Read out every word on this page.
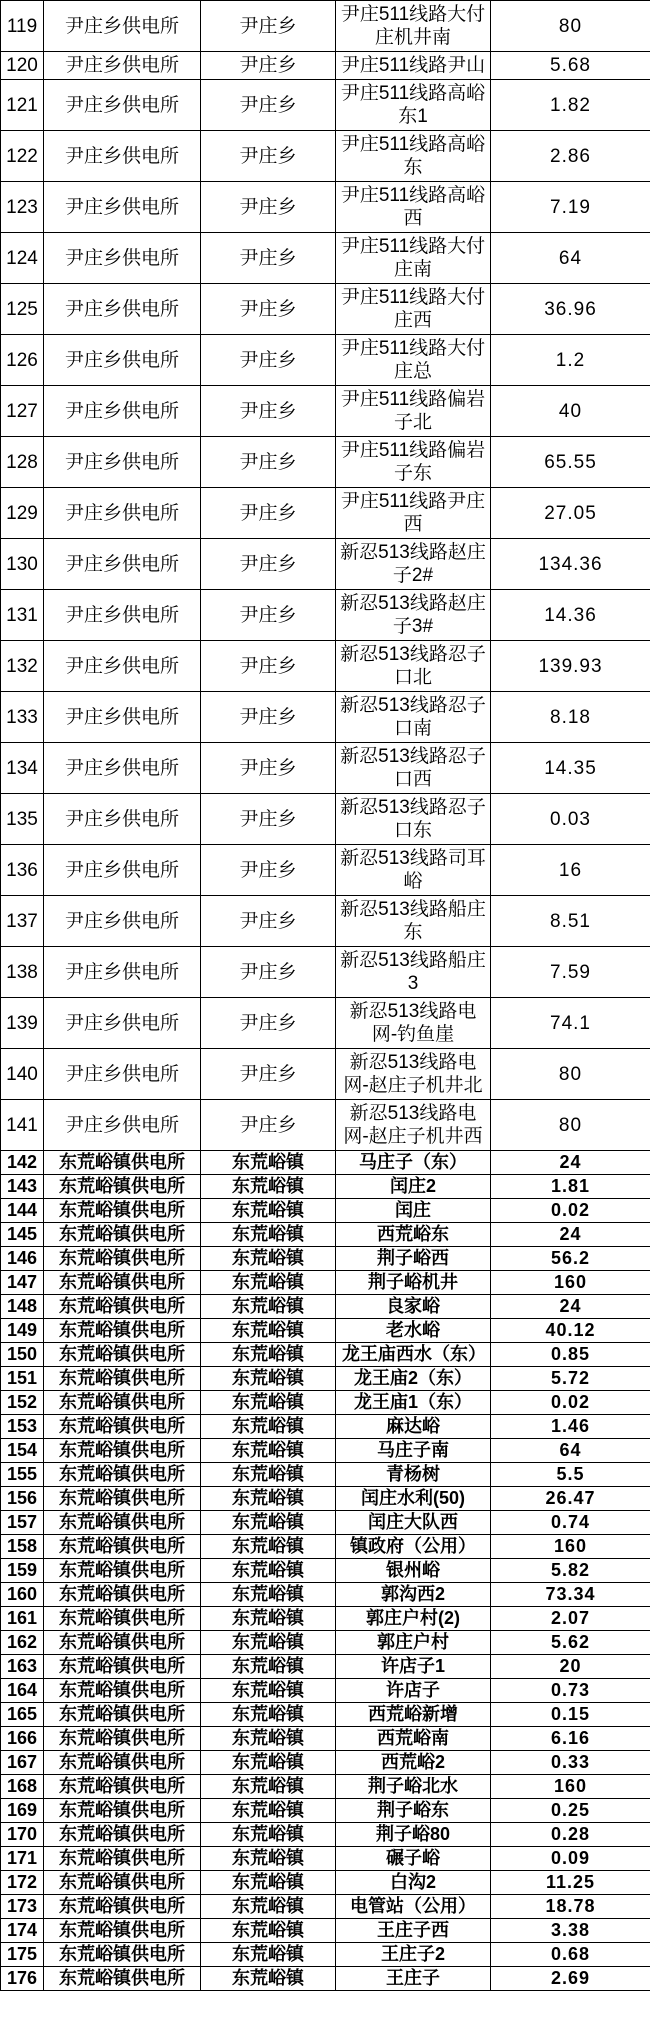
119	尹庄乡供电所	尹庄乡	尹庄511线路大付庄机井南	80
120	尹庄乡供电所	尹庄乡	尹庄511线路尹山	5.68
121	尹庄乡供电所	尹庄乡	尹庄511线路高峪东1	1.82
122	尹庄乡供电所	尹庄乡	尹庄511线路高峪东	2.86
123	尹庄乡供电所	尹庄乡	尹庄511线路高峪西	7.19
124	尹庄乡供电所	尹庄乡	尹庄511线路大付庄南	64
125	尹庄乡供电所	尹庄乡	尹庄511线路大付庄西	36.96
126	尹庄乡供电所	尹庄乡	尹庄511线路大付庄总	1.2
127	尹庄乡供电所	尹庄乡	尹庄511线路偏岩子北	40
128	尹庄乡供电所	尹庄乡	尹庄511线路偏岩子东	65.55
129	尹庄乡供电所	尹庄乡	尹庄511线路尹庄西	27.05
130	尹庄乡供电所	尹庄乡	新忍513线路赵庄子2#	134.36
131	尹庄乡供电所	尹庄乡	新忍513线路赵庄子3#	14.36
132	尹庄乡供电所	尹庄乡	新忍513线路忍子口北	139.93
133	尹庄乡供电所	尹庄乡	新忍513线路忍子口南	8.18
134	尹庄乡供电所	尹庄乡	新忍513线路忍子口西	14.35
135	尹庄乡供电所	尹庄乡	新忍513线路忍子口东	0.03
136	尹庄乡供电所	尹庄乡	新忍513线路司耳峪	16
137	尹庄乡供电所	尹庄乡	新忍513线路船庄东	8.51
138	尹庄乡供电所	尹庄乡	新忍513线路船庄3	7.59
139	尹庄乡供电所	尹庄乡	新忍513线路电网-钓鱼崖	74.1
140	尹庄乡供电所	尹庄乡	新忍513线路电网-赵庄子机井北	80
141	尹庄乡供电所	尹庄乡	新忍513线路电网-赵庄子机井西	80
142	东荒峪镇供电所	东荒峪镇	马庄子（东）	24
143	东荒峪镇供电所	东荒峪镇	闰庄2	1.81
144	东荒峪镇供电所	东荒峪镇	闰庄	0.02
145	东荒峪镇供电所	东荒峪镇	西荒峪东	24
146	东荒峪镇供电所	东荒峪镇	荆子峪西	56.2
147	东荒峪镇供电所	东荒峪镇	荆子峪机井	160
148	东荒峪镇供电所	东荒峪镇	良家峪	24
149	东荒峪镇供电所	东荒峪镇	老水峪	40.12
150	东荒峪镇供电所	东荒峪镇	龙王庙西水（东）	0.85
151	东荒峪镇供电所	东荒峪镇	龙王庙2（东）	5.72
152	东荒峪镇供电所	东荒峪镇	龙王庙1（东）	0.02
153	东荒峪镇供电所	东荒峪镇	麻达峪	1.46
154	东荒峪镇供电所	东荒峪镇	马庄子南	64
155	东荒峪镇供电所	东荒峪镇	青杨树	5.5
156	东荒峪镇供电所	东荒峪镇	闰庄水利(50)	26.47
157	东荒峪镇供电所	东荒峪镇	闰庄大队西	0.74
158	东荒峪镇供电所	东荒峪镇	镇政府（公用）	160
159	东荒峪镇供电所	东荒峪镇	银州峪	5.82
160	东荒峪镇供电所	东荒峪镇	郭沟西2	73.34
161	东荒峪镇供电所	东荒峪镇	郭庄户村(2)	2.07
162	东荒峪镇供电所	东荒峪镇	郭庄户村	5.62
163	东荒峪镇供电所	东荒峪镇	许店子1	20
164	东荒峪镇供电所	东荒峪镇	许店子	0.73
165	东荒峪镇供电所	东荒峪镇	西荒峪新增	0.15
166	东荒峪镇供电所	东荒峪镇	西荒峪南	6.16
167	东荒峪镇供电所	东荒峪镇	西荒峪2	0.33
168	东荒峪镇供电所	东荒峪镇	荆子峪北水	160
169	东荒峪镇供电所	东荒峪镇	荆子峪东	0.25
170	东荒峪镇供电所	东荒峪镇	荆子峪80	0.28
171	东荒峪镇供电所	东荒峪镇	碾子峪	0.09
172	东荒峪镇供电所	东荒峪镇	白沟2	11.25
173	东荒峪镇供电所	东荒峪镇	电管站（公用）	18.78
174	东荒峪镇供电所	东荒峪镇	王庄子西	3.38
175	东荒峪镇供电所	东荒峪镇	王庄子2	0.68
176	东荒峪镇供电所	东荒峪镇	王庄子	2.69
